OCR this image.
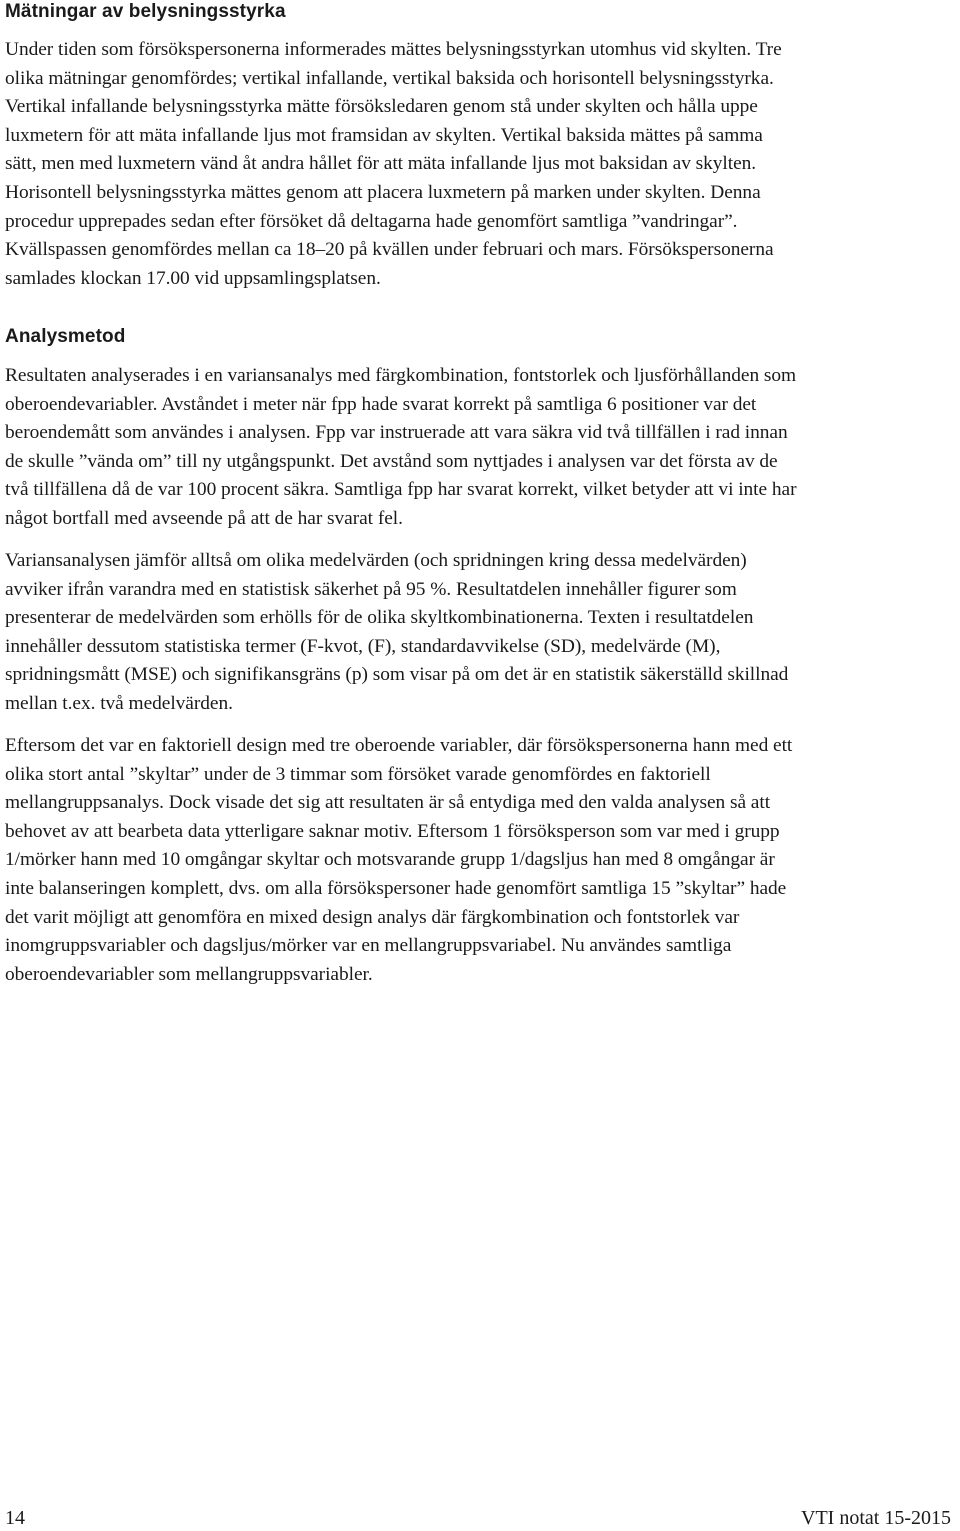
Mätningar av belysningsstyrka

Under tiden som försökspersonerna informerades mättes belysningsstyrkan utomhus vid skylten. Tre
olika mätningar genomfördes; vertikal infallande, vertikal baksida och horisontell belysningsstyrka.
Vertikal infallande belysningsstyrka mätte försöksledaren genom stå under skylten och hålla uppe
luxmetern för att mäta infallande ljus mot framsidan av skylten. Vertikal baksida mättes på samma
sätt, men med luxmetern vänd åt andra hållet för att mäta infallande ljus mot baksidan av skylten.
Horisontell belysningsstyrka mättes genom att placera luxmetern på marken under skylten. Denna
procedur upprepades sedan efter försöket då deltagarna hade genomfört samtliga ”vandringar”.
Kvällspassen genomfördes mellan ca 18–20 på kvällen under februari och mars. Försökspersonerna
samlades klockan 17.00 vid uppsamlingsplatsen.

Analysmetod

Resultaten analyserades i en variansanalys med färgkombination, fontstorlek och ljusförhållanden som
oberoendevariabler. Avståndet i meter när fpp hade svarat korrekt på samtliga 6 positioner var det
beroendemått som användes i analysen. Fpp var instruerade att vara säkra vid två tillfällen i rad innan
de skulle ”vända om” till ny utgångspunkt. Det avstånd som nyttjades i analysen var det första av de
två tillfällena då de var 100 procent säkra. Samtliga fpp har svarat korrekt, vilket betyder att vi inte har
något bortfall med avseende på att de har svarat fel.

Variansanalysen jämför alltså om olika medelvärden (och spridningen kring dessa medelvärden)
avviker ifrån varandra med en statistisk säkerhet på 95 %. Resultatdelen innehåller figurer som
presenterar de medelvärden som erhölls för de olika skyltkombinationerna. Texten i resultatdelen
innehåller dessutom statistiska termer (F-kvot, (F), standardavvikelse (SD), medelvärde (M),
spridningsmått (MSE) och signifikansgräns (p) som visar på om det är en statistik säkerställd skillnad
mellan t.ex. två medelvärden.

Eftersom det var en faktoriell design med tre oberoende variabler, där försökspersonerna hann med ett
olika stort antal ”skyltar” under de 3 timmar som försöket varade genomfördes en faktoriell
mellangruppsanalys. Dock visade det sig att resultaten är så entydiga med den valda analysen så att
behovet av att bearbeta data ytterligare saknar motiv. Eftersom 1 försöksperson som var med i grupp
1/mörker hann med 10 omgångar skyltar och motsvarande grupp 1/dagsljus han med 8 omgångar är
inte balanseringen komplett, dvs. om alla försökspersoner hade genomfört samtliga 15 ”skyltar” hade
det varit möjligt att genomföra en mixed design analys där färgkombination och fontstorlek var
inomgruppsvariabler och dagsljus/mörker var en mellangruppsvariabel. Nu användes samtliga
oberoendevariabler som mellangruppsvariabler.

14	VTI notat 15-2015
